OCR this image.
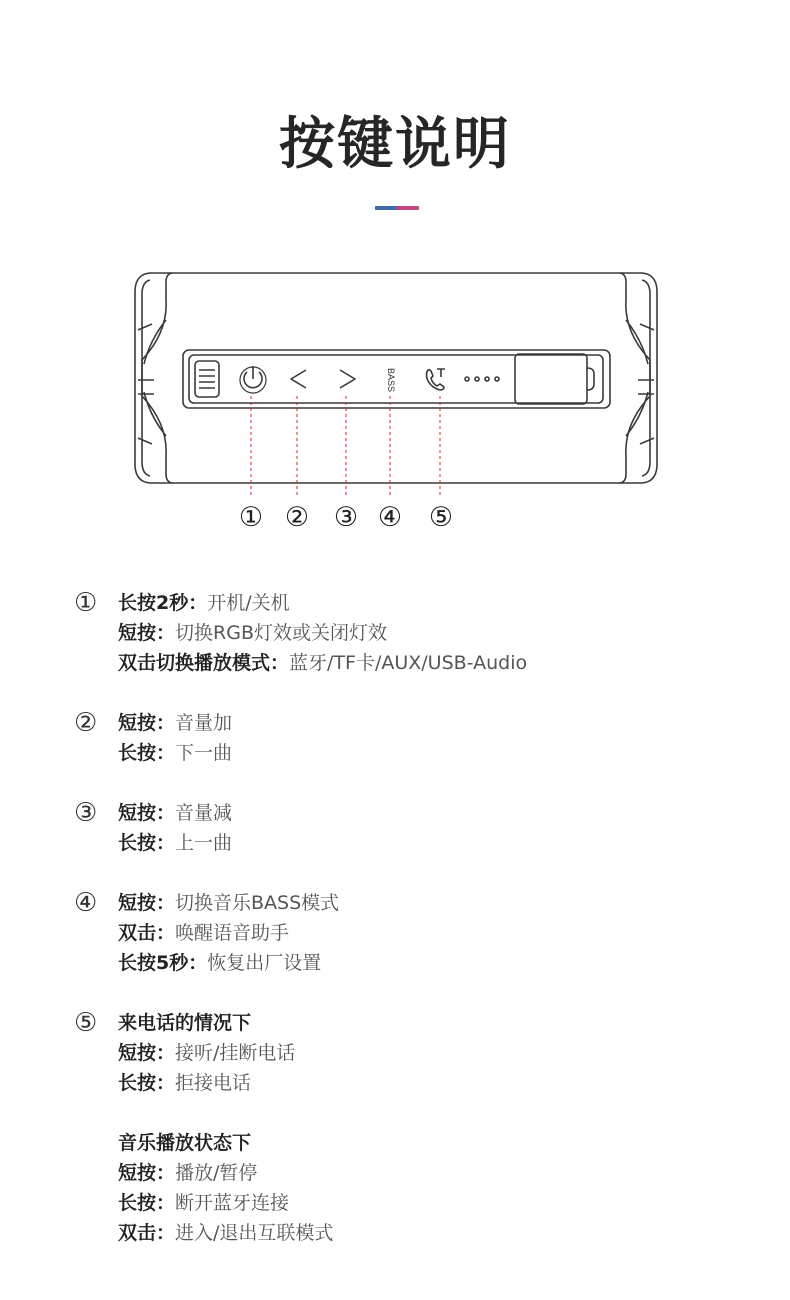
按键说明
BASS
① ② ③ ④ ⑤
① 长按2秒：开机/关机
短按：切换RGB灯效或关闭灯效
双击切换播放模式：蓝牙/TF卡/AUX/USB-Audio
② 短按：音量加
长按：下一曲
③ 短按：音量减
长按：上一曲
④ 短按：切换音乐BASS模式
双击：唤醒语音助手
长按5秒：恢复出厂设置
⑤ 来电话的情况下
短按：接听/挂断电话
长按：拒接电话
音乐播放状态下
短按：播放/暂停
长按：断开蓝牙连接
双击：进入/退出互联模式
